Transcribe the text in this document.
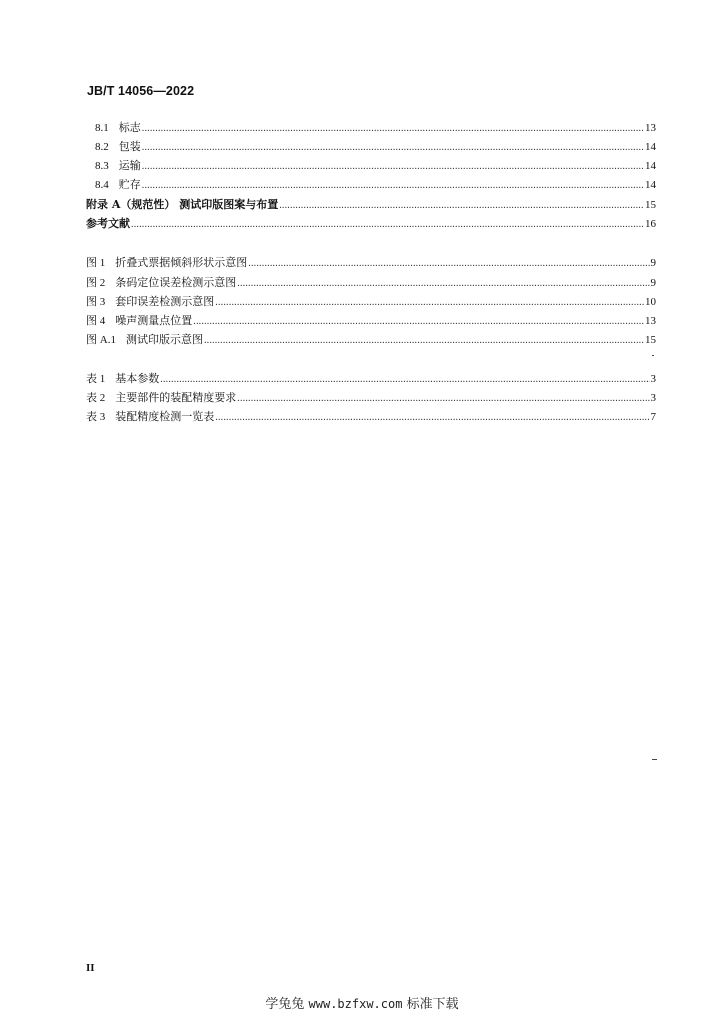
JB/T 14056—2022
8.1 标志 .....	13
8.2 包装 .....	14
8.3 运输 .....	14
8.4 贮存 .....	14
附录 A（规范性） 测试印版图案与布置 .....	15
参考文献 .....	16
图 1 折叠式票据倾斜形状示意图 .....	9
图 2 条码定位误差检测示意图 .....	9
图 3 套印误差检测示意图 .....	10
图 4 噪声测量点位置 .....	13
图 A.1 测试印版示意图 .....	15
表 1 基本参数 .....	3
表 2 主要部件的装配精度要求 .....	3
表 3 装配精度检测一览表 .....	7
II
学兔兔 www.bzfxw.com 标准下载
